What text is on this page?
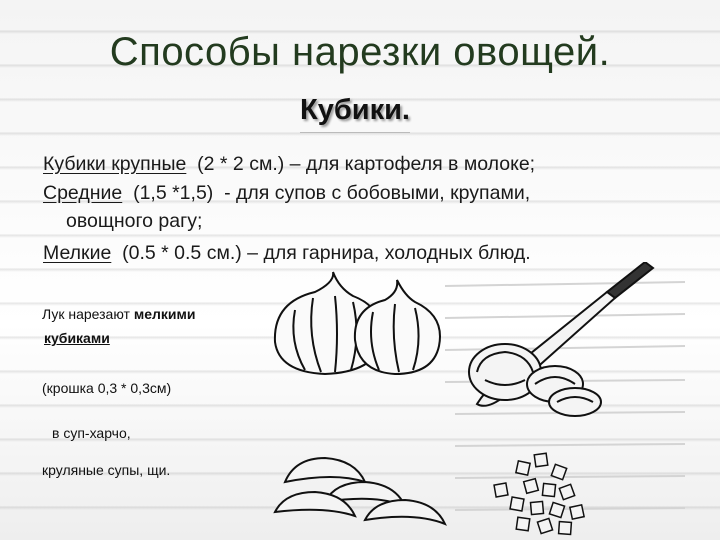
Способы нарезки овощей.
Кубики.
Кубики крупные  (2 * 2 см.) – для картофеля в молоке;
Средние  (1,5 *1,5)  - для супов с бобовыми, крупами,
овощного рагу;
Мелкие  (0.5 * 0.5 см.) – для гарнира, холодных блюд.
Лук нарезают мелкими
кубиками
(крошка 0,3 * 0,3см)
в суп-харчо,
круляные супы, щи.
